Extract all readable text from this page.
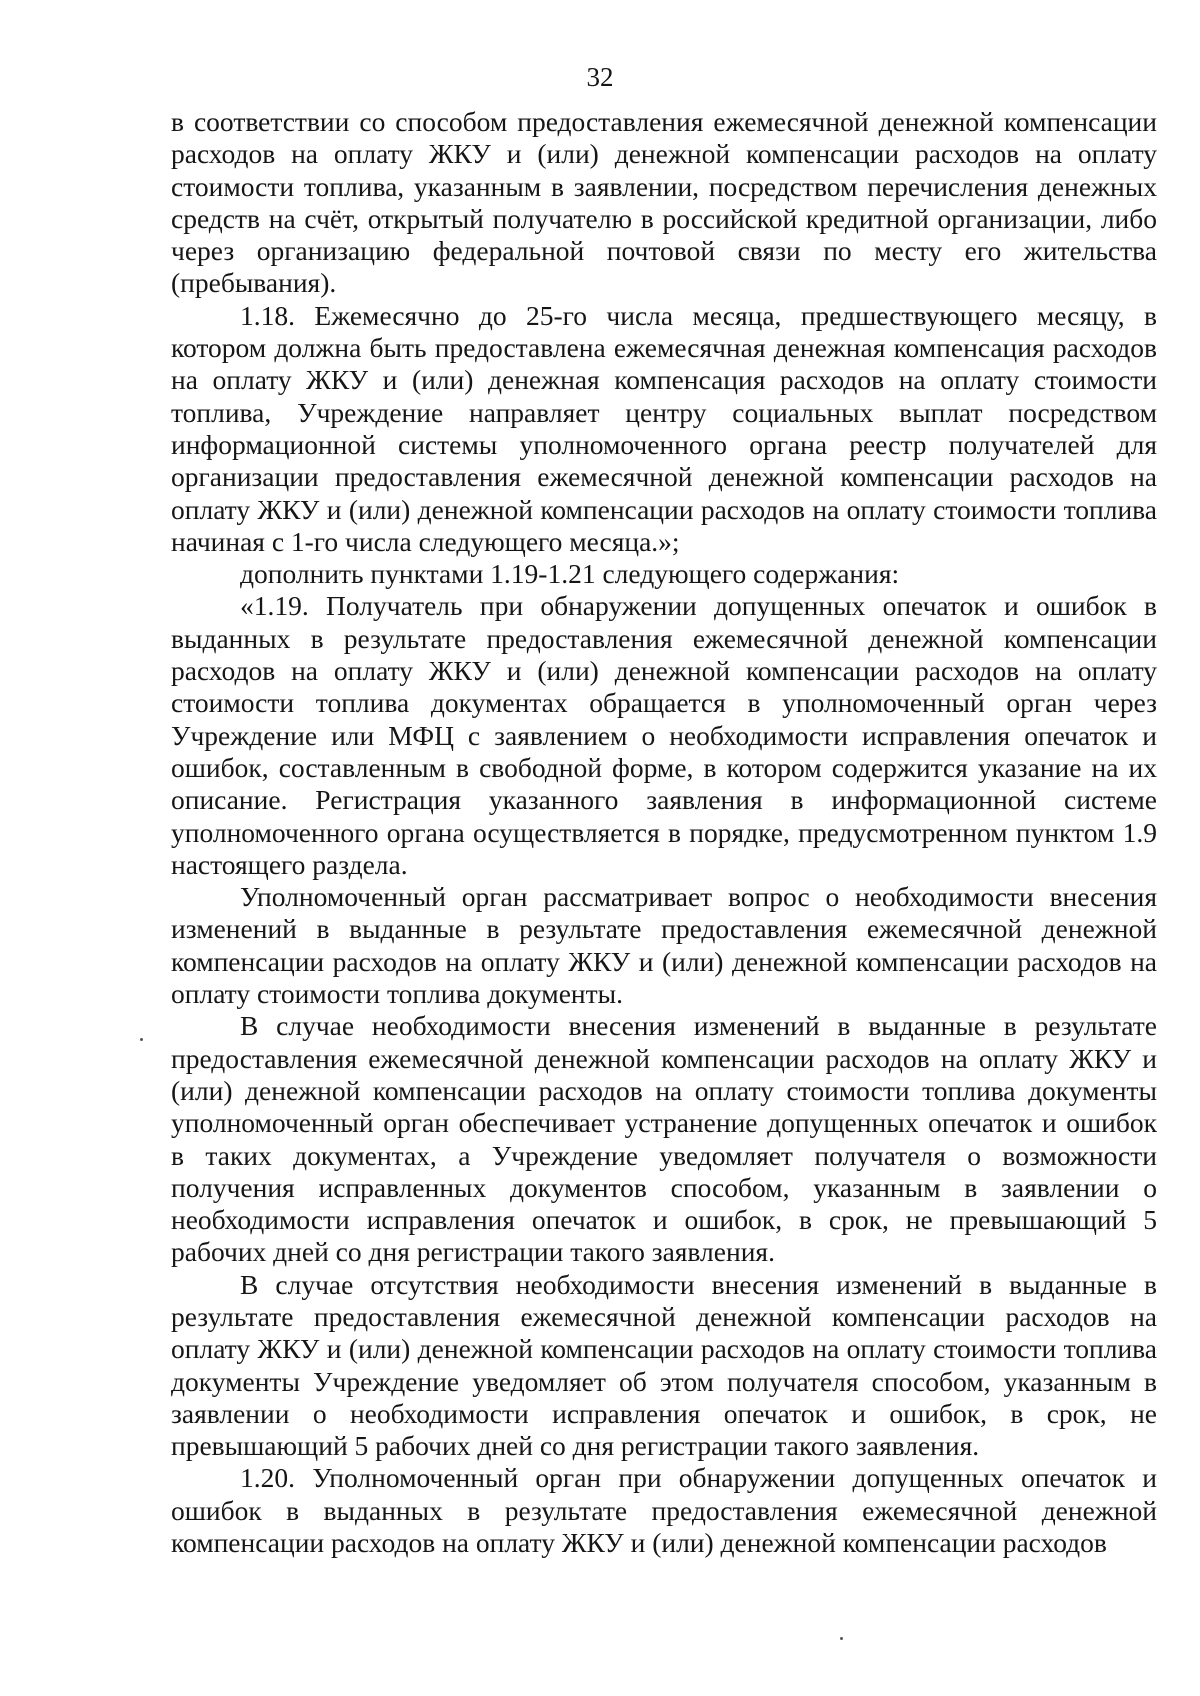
32

в соответствии со способом предоставления ежемесячной денежной компенсации расходов на оплату ЖКУ и (или) денежной компенсации расходов на оплату стоимости топлива, указанным в заявлении, посредством перечисления денежных средств на счёт, открытый получателю в российской кредитной организации, либо через организацию федеральной почтовой связи по месту его жительства (пребывания).

1.18. Ежемесячно до 25-го числа месяца, предшествующего месяцу, в котором должна быть предоставлена ежемесячная денежная компенсация расходов на оплату ЖКУ и (или) денежная компенсация расходов на оплату стоимости топлива, Учреждение направляет центру социальных выплат посредством информационной системы уполномоченного органа реестр получателей для организации предоставления ежемесячной денежной компенсации расходов на оплату ЖКУ и (или) денежной компенсации расходов на оплату стоимости топлива начиная с 1-го числа следующего месяца.»;

дополнить пунктами 1.19-1.21 следующего содержания:

«1.19. Получатель при обнаружении допущенных опечаток и ошибок в выданных в результате предоставления ежемесячной денежной компенсации расходов на оплату ЖКУ и (или) денежной компенсации расходов на оплату стоимости топлива документах обращается в уполномоченный орган через Учреждение или МФЦ с заявлением о необходимости исправления опечаток и ошибок, составленным в свободной форме, в котором содержится указание на их описание. Регистрация указанного заявления в информационной системе уполномоченного органа осуществляется в порядке, предусмотренном пунктом 1.9 настоящего раздела.

Уполномоченный орган рассматривает вопрос о необходимости внесения изменений в выданные в результате предоставления ежемесячной денежной компенсации расходов на оплату ЖКУ и (или) денежной компенсации расходов на оплату стоимости топлива документы.

В случае необходимости внесения изменений в выданные в результате предоставления ежемесячной денежной компенсации расходов на оплату ЖКУ и (или) денежной компенсации расходов на оплату стоимости топлива документы уполномоченный орган обеспечивает устранение допущенных опечаток и ошибок в таких документах, а Учреждение уведомляет получателя о возможности получения исправленных документов способом, указанным в заявлении о необходимости исправления опечаток и ошибок, в срок, не превышающий 5 рабочих дней со дня регистрации такого заявления.

В случае отсутствия необходимости внесения изменений в выданные в результате предоставления ежемесячной денежной компенсации расходов на оплату ЖКУ и (или) денежной компенсации расходов на оплату стоимости топлива документы Учреждение уведомляет об этом получателя способом, указанным в заявлении о необходимости исправления опечаток и ошибок, в срок, не превышающий 5 рабочих дней со дня регистрации такого заявления.

1.20. Уполномоченный орган при обнаружении допущенных опечаток и ошибок в выданных в результате предоставления ежемесячной денежной компенсации расходов на оплату ЖКУ и (или) денежной компенсации расходов
